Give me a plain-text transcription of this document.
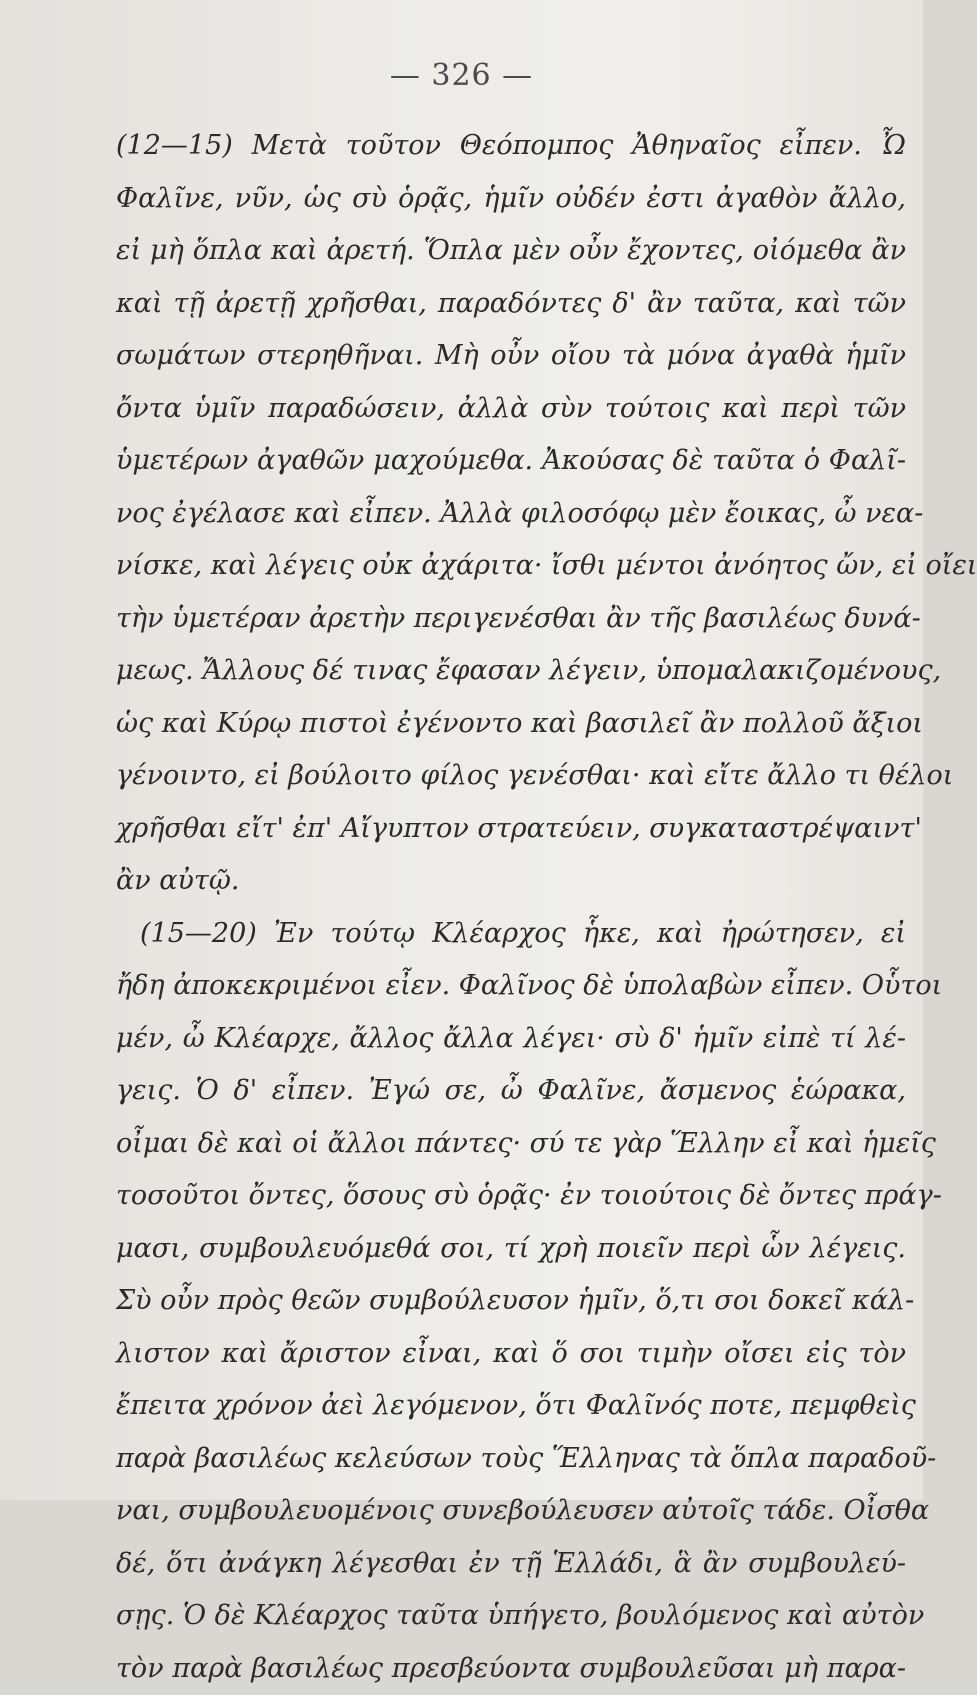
— 326 —
(12—15) Μετὰ τοῦτον Θεόπομπος Ἀθηναῖος εἶπεν. Ὦ
Φαλῖνε, νῦν, ὡς σὺ ὁρᾷς, ἡμῖν οὐδέν ἐστι ἀγαθὸν ἄλλο,
εἰ μὴ ὅπλα καὶ ἀρετή. Ὅπλα μὲν οὖν ἔχοντες, οἰόμεθα ἂν
καὶ τῇ ἀρετῇ χρῆσθαι, παραδόντες δ' ἂν ταῦτα, καὶ τῶν
σωμάτων στερηθῆναι. Μὴ οὖν οἴου τὰ μόνα ἀγαθὰ ἡμῖν
ὄντα ὑμῖν παραδώσειν, ἀλλὰ σὺν τούτοις καὶ περὶ τῶν
ὑμετέρων ἀγαθῶν μαχούμεθα. Ἀκούσας δὲ ταῦτα ὁ Φαλῖ-
νος ἐγέλασε καὶ εἶπεν. Ἀλλὰ φιλοσόφῳ μὲν ἔοικας, ὦ νεα-
νίσκε, καὶ λέγεις οὐκ ἀχάριτα· ἴσθι μέντοι ἀνόητος ὤν, εἰ οἴει
τὴν ὑμετέραν ἀρετὴν περιγενέσθαι ἂν τῆς βασιλέως δυνά-
μεως. Ἄλλους δέ τινας ἔφασαν λέγειν, ὑπομαλακιζομένους,
ὡς καὶ Κύρῳ πιστοὶ ἐγένοντο καὶ βασιλεῖ ἂν πολλοῦ ἄξιοι
γένοιντο, εἰ βούλοιτο φίλος γενέσθαι· καὶ εἴτε ἄλλο τι θέλοι
χρῆσθαι εἴτ' ἐπ' Αἴγυπτον στρατεύειν, συγκαταστρέψαιντ'
ἂν αὐτῷ.
(15—20) Ἐν τούτῳ Κλέαρχος ἧκε, καὶ ἠρώτησεν, εἰ
ἤδη ἀποκεκριμένοι εἶεν. Φαλῖνος δὲ ὑπολαβὼν εἶπεν. Οὗτοι
μέν, ὦ Κλέαρχε, ἄλλος ἄλλα λέγει· σὺ δ' ἡμῖν εἰπὲ τί λέ-
γεις. Ὁ δ' εἶπεν. Ἐγώ σε, ὦ Φαλῖνε, ἄσμενος ἑώρακα,
οἶμαι δὲ καὶ οἱ ἄλλοι πάντες· σύ τε γὰρ Ἕλλην εἶ καὶ ἡμεῖς
τοσοῦτοι ὄντες, ὅσους σὺ ὁρᾷς· ἐν τοιούτοις δὲ ὄντες πράγ-
μασι, συμβουλευόμεθά σοι, τί χρὴ ποιεῖν περὶ ὧν λέγεις.
Σὺ οὖν πρὸς θεῶν συμβούλευσον ἡμῖν, ὅ,τι σοι δοκεῖ κάλ-
λιστον καὶ ἄριστον εἶναι, καὶ ὅ σοι τιμὴν οἴσει εἰς τὸν
ἔπειτα χρόνον ἀεὶ λεγόμενον, ὅτι Φαλῖνός ποτε, πεμφθεὶς
παρὰ βασιλέως κελεύσων τοὺς Ἕλληνας τὰ ὅπλα παραδοῦ-
ναι, συμβουλευομένοις συνεβούλευσεν αὐτοῖς τάδε. Οἶσθα
δέ, ὅτι ἀνάγκη λέγεσθαι ἐν τῇ Ἑλλάδι, ἃ ἂν συμβουλεύ-
σῃς. Ὁ δὲ Κλέαρχος ταῦτα ὑπήγετο, βουλόμενος καὶ αὐτὸν
τὸν παρὰ βασιλέως πρεσβεύοντα συμβουλεῦσαι μὴ παρα-
